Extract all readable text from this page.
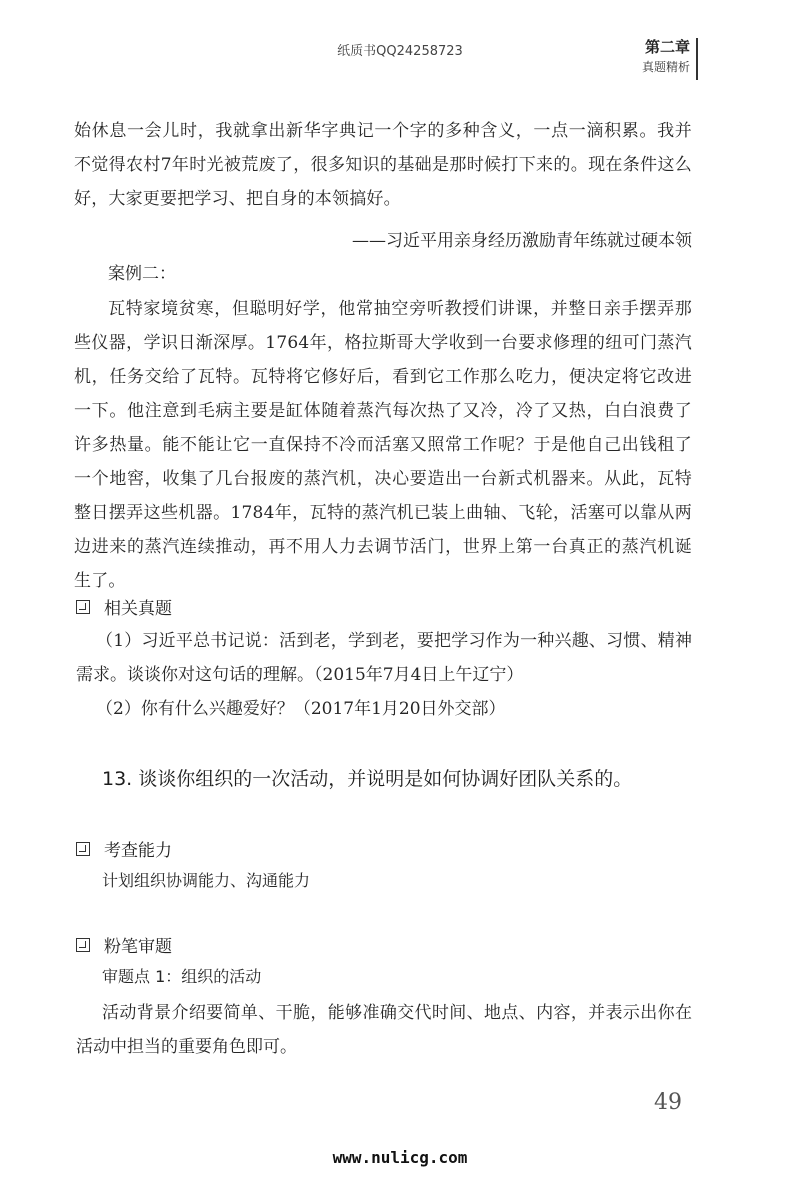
纸质书QQ24258723	第二章
真题精析
始休息一会儿时，我就拿出新华字典记一个字的多种含义，一点一滴积累。我并不觉得农村7年时光被荒废了，很多知识的基础是那时候打下来的。现在条件这么好，大家更要把学习、把自身的本领搞好。
——习近平用亲身经历激励青年练就过硬本领
案例二：
瓦特家境贫寒，但聪明好学，他常抽空旁听教授们讲课，并整日亲手摆弄那些仪器，学识日渐深厚。1764年，格拉斯哥大学收到一台要求修理的纽可门蒸汽机，任务交给了瓦特。瓦特将它修好后，看到它工作那么吃力，便决定将它改进一下。他注意到毛病主要是缸体随着蒸汽每次热了又冷，冷了又热，白白浪费了许多热量。能不能让它一直保持不冷而活塞又照常工作呢？于是他自己出钱租了一个地窖，收集了几台报废的蒸汽机，决心要造出一台新式机器来。从此，瓦特整日摆弄这些机器。1784年，瓦特的蒸汽机已装上曲轴、飞轮，活塞可以靠从两边进来的蒸汽连续推动，再不用人力去调节活门，世界上第一台真正的蒸汽机诞生了。
相关真题
（1）习近平总书记说：活到老，学到老，要把学习作为一种兴趣、习惯、精神需求。谈谈你对这句话的理解。（2015年7月4日上午辽宁）
（2）你有什么兴趣爱好？（2017年1月20日外交部）
13. 谈谈你组织的一次活动，并说明是如何协调好团队关系的。
考查能力
计划组织协调能力、沟通能力
粉笔审题
审题点 1：组织的活动
活动背景介绍要简单、干脆，能够准确交代时间、地点、内容，并表示出你在活动中担当的重要角色即可。
49
www.nulicg.com
